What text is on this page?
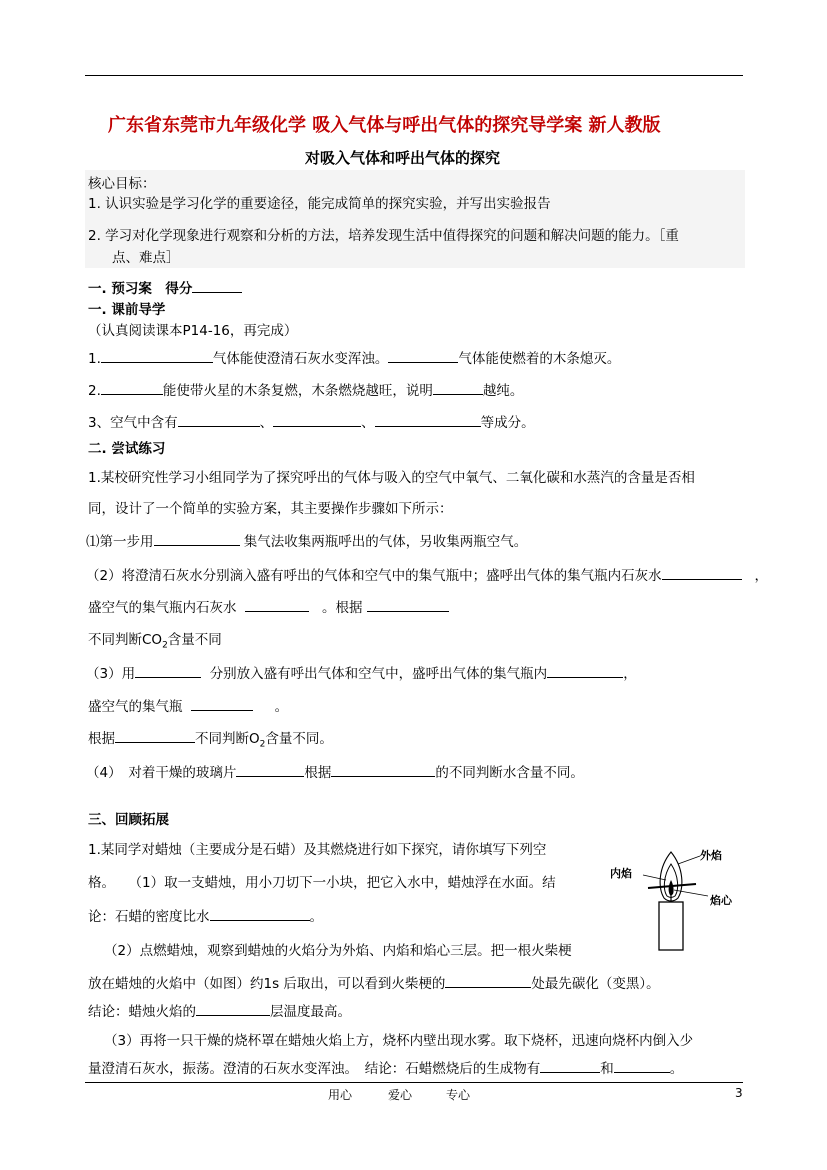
广东省东莞市九年级化学 吸入气体与呼出气体的探究导学案 新人教版
对吸入气体和呼出气体的探究
核心目标：
1. 认识实验是学习化学的重要途径，能完成简单的探究实验，并写出实验报告
2. 学习对化学现象进行观察和分析的方法，培养发现生活中值得探究的问题和解决问题的能力。［重
点、难点］
一. 预习案　得分
一. 课前导学
（认真阅读课本P14-16，再完成）
1.	气体能使澄清石灰水变浑浊。	气体能使燃着的木条熄灭。
2.	能使带火星的木条复燃，木条燃烧越旺，说明	越纯。
3、空气中含有	、	、	等成分。
二. 尝试练习
1.某校研究性学习小组同学为了探究呼出的气体与吸入的空气中氧气、二氧化碳和水蒸汽的含量是否相
同，设计了一个简单的实验方案，其主要操作步骤如下所示：
⑴第一步用	集气法收集两瓶呼出的气体，另收集两瓶空气。
（2）将澄清石灰水分别滴入盛有呼出的气体和空气中的集气瓶中；盛呼出气体的集气瓶内石灰水	，
盛空气的集气瓶内石灰水	。根据
不同判断$CO_2$含量不同
（3）用	分别放入盛有呼出气体和空气中，盛呼出气体的集气瓶内	，
盛空气的集气瓶	。
根据	不同判断$O_2$含量不同。
（4）　对着干燥的玻璃片	根据	的不同判断水含量不同。
三、回顾拓展
1.某同学对蜡烛（主要成分是石蜡）及其燃烧进行如下探究，请你填写下列空
格。　　（1）取一支蜡烛，用小刀切下一小块，把它入水中，蜡烛浮在水面。结
论：石蜡的密度比水	。
（2）点燃蜡烛，观察到蜡烛的火焰分为外焰、内焰和焰心三层。把一根火柴梗
放在蜡烛的火焰中（如图）约1s 后取出，可以看到火柴梗的	处最先碳化（变黑）。
结论：蜡烛火焰的	层温度最高。
（3）再将一只干燥的烧杯罩在蜡烛火焰上方，烧杯内壁出现水雾。取下烧杯，迅速向烧杯内倒入少
量澄清石灰水，振荡。澄清的石灰水变浑浊。　结论：石蜡燃烧后的生成物有	和	。
外焰
内焰
焰心
用心	爱心	专心	3
